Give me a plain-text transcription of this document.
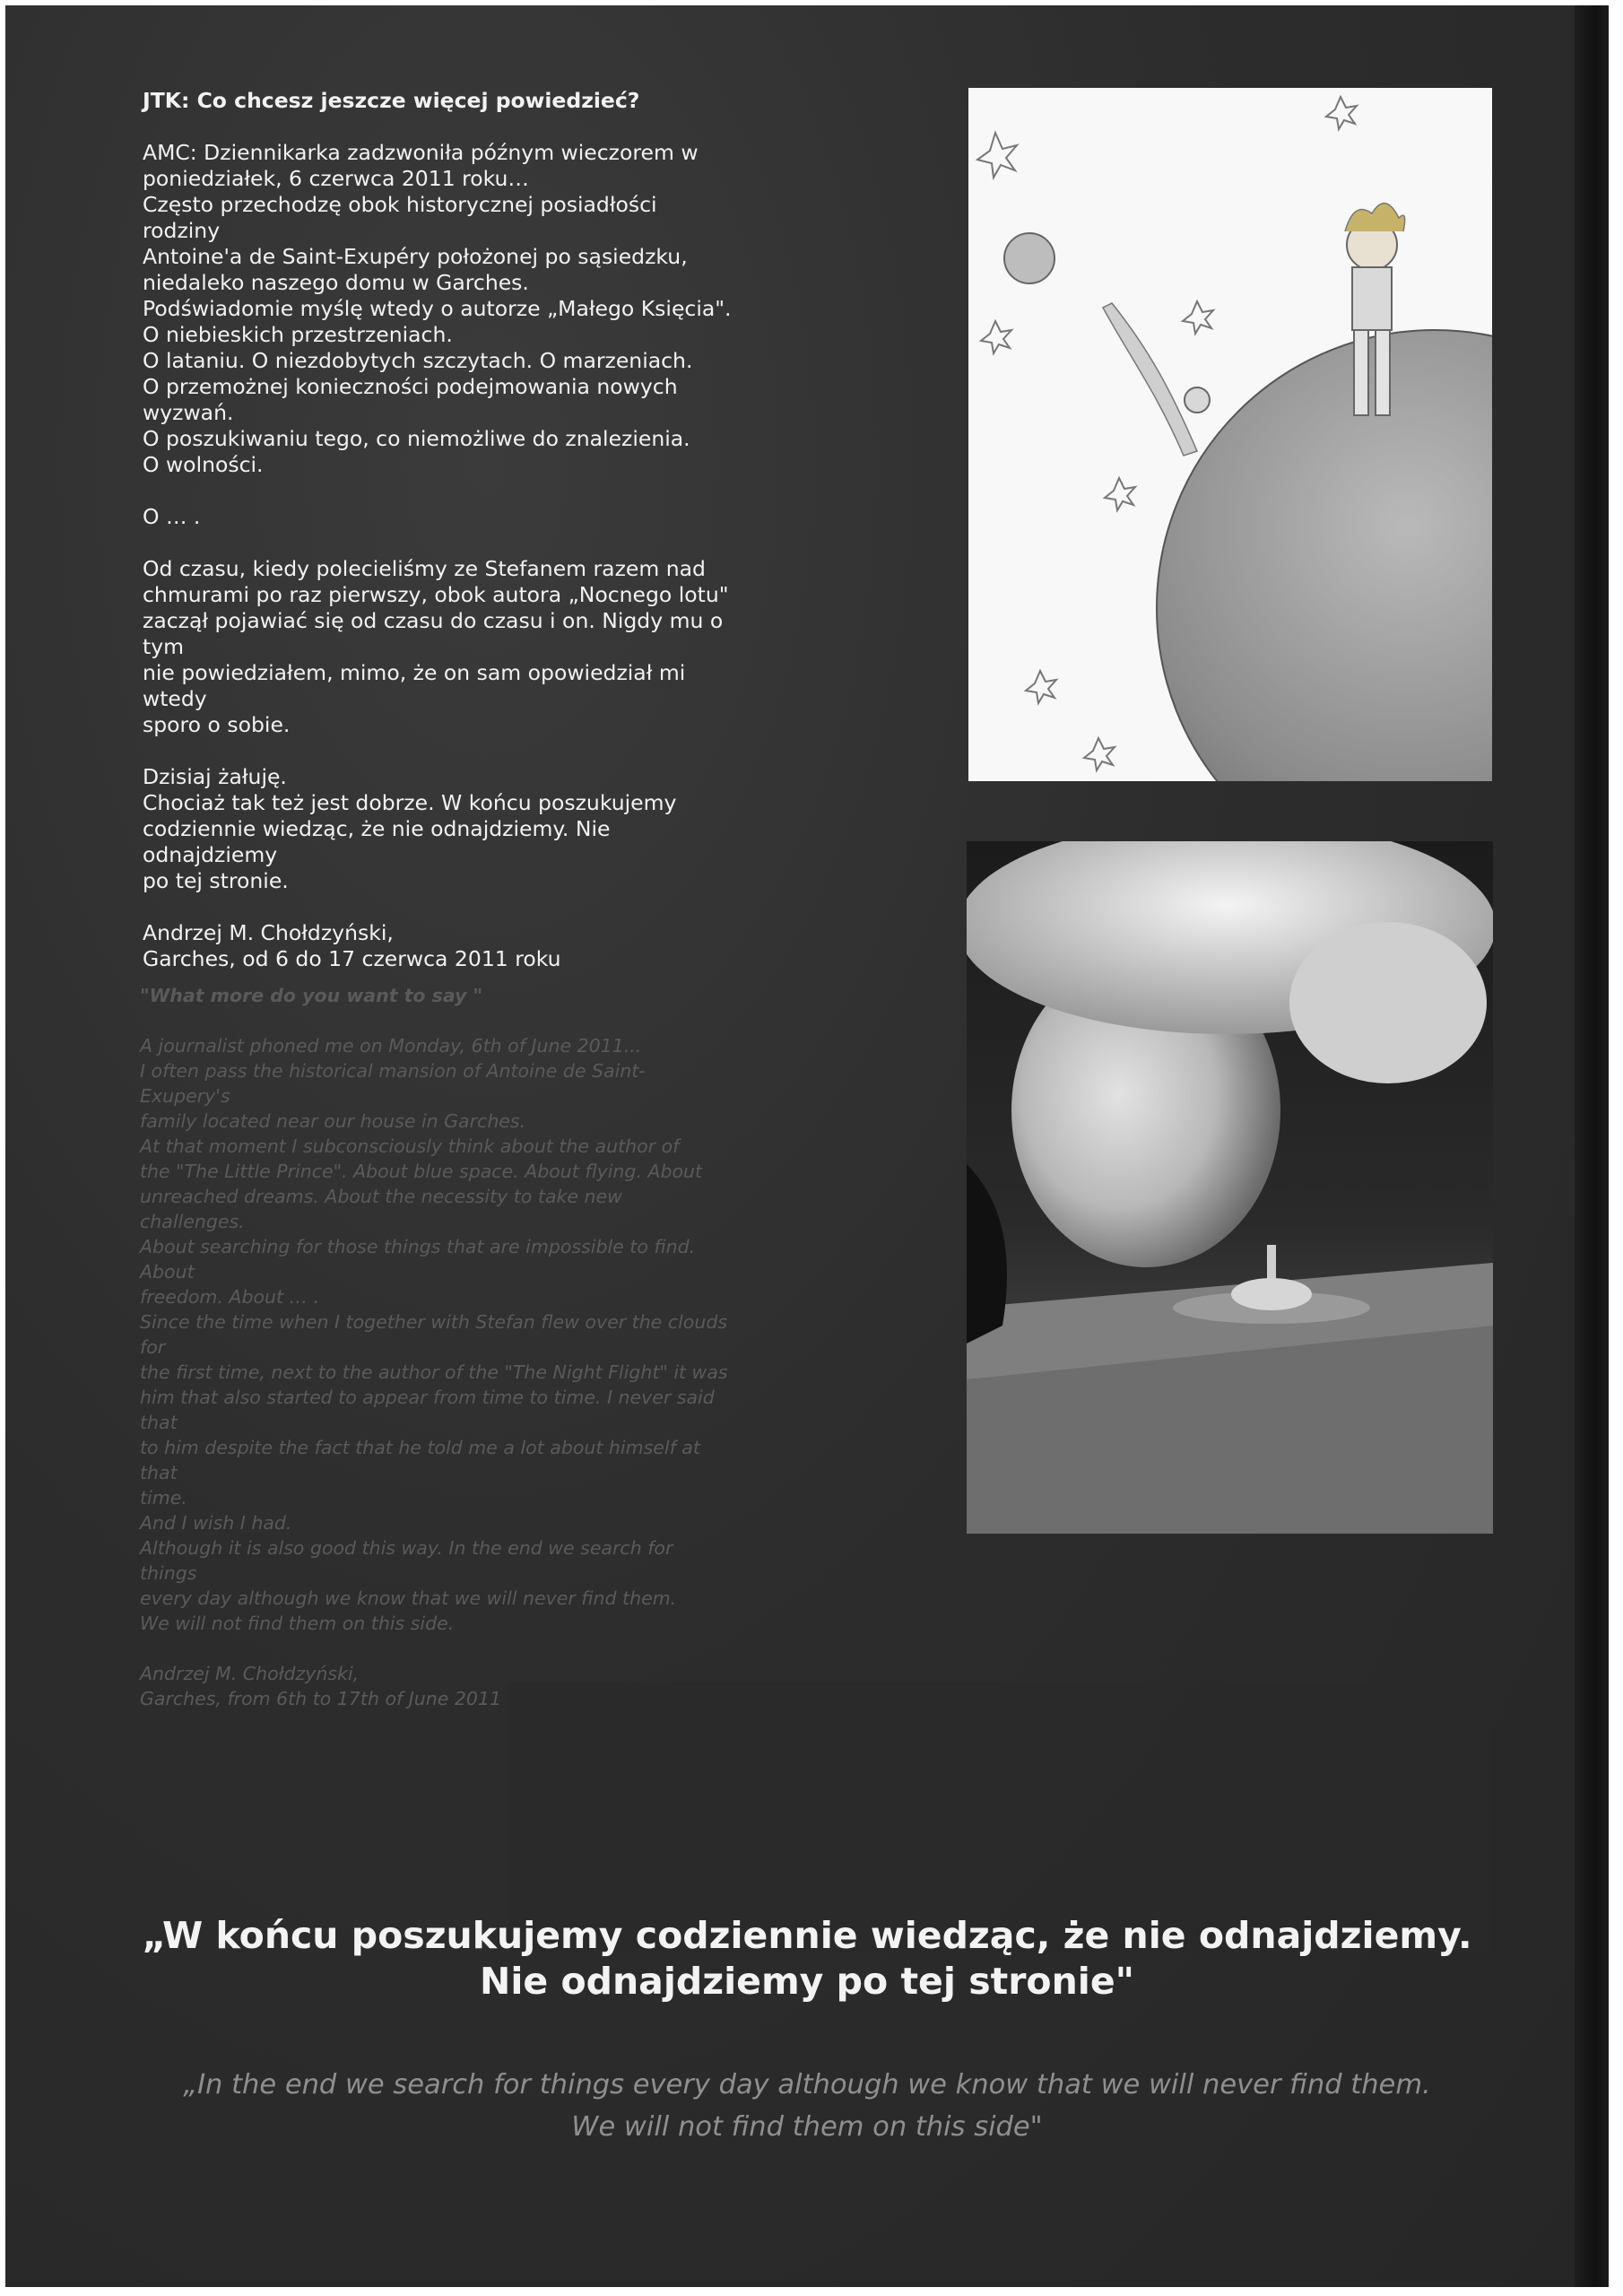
JTK: Co chcesz jeszcze więcej powiedzieć?

AMC: Dziennikarka zadzwoniła późnym wieczorem w
poniedziałek, 6 czerwca 2011 roku…
Często przechodzę obok historycznej posiadłości rodziny
Antoine'a de Saint-Exupéry położonej po sąsiedzku,
niedaleko naszego domu w Garches.
Podświadomie myślę wtedy o autorze „Małego Księcia".
O niebieskich przestrzeniach.
O lataniu. O niezdobytych szczytach. O marzeniach.
O przemożnej konieczności podejmowania nowych wyzwań.
O poszukiwaniu tego, co niemożliwe do znalezienia.
O wolności.

O … .

Od czasu, kiedy polecieliśmy ze Stefanem razem nad
chmurami po raz pierwszy, obok autora „Nocnego lotu"
zaczął pojawiać się od czasu do czasu i on. Nigdy mu o tym
nie powiedziałem, mimo, że on sam opowiedział mi wtedy
sporo o sobie.

Dzisiaj żałuję.
Chociaż tak też jest dobrze. W końcu poszukujemy
codziennie wiedząc, że nie odnajdziemy. Nie odnajdziemy
po tej stronie.

Andrzej M. Chołdzyński,
Garches, od 6 do 17 czerwca 2011 roku

"What more do you want to say "

A journalist phoned me on Monday, 6th of June 2011...
I often pass the historical mansion of Antoine de Saint-Exupery's
family located near our house in Garches.
At that moment I subconsciously think about the author of
the "The Little Prince". About blue space. About flying. About
unreached dreams. About the necessity to take new challenges.
About searching for those things that are impossible to find. About
freedom. About … .
Since the time when I together with Stefan flew over the clouds for
the first time, next to the author of the "The Night Flight" it was
him that also started to appear from time to time. I never said that
to him despite the fact that he told me a lot about himself at that
time.
And I wish I had.
Although it is also good this way. In the end we search for things
every day although we know that we will never find them.
We will not find them on this side.

Andrzej M. Chołdzyński,
Garches, from 6th to 17th of June 2011

„W końcu poszukujemy codziennie wiedząc, że nie odnajdziemy.
Nie odnajdziemy po tej stronie"
„In the end we search for things every day although we know that we will never find them.
We will not find them on this side"
